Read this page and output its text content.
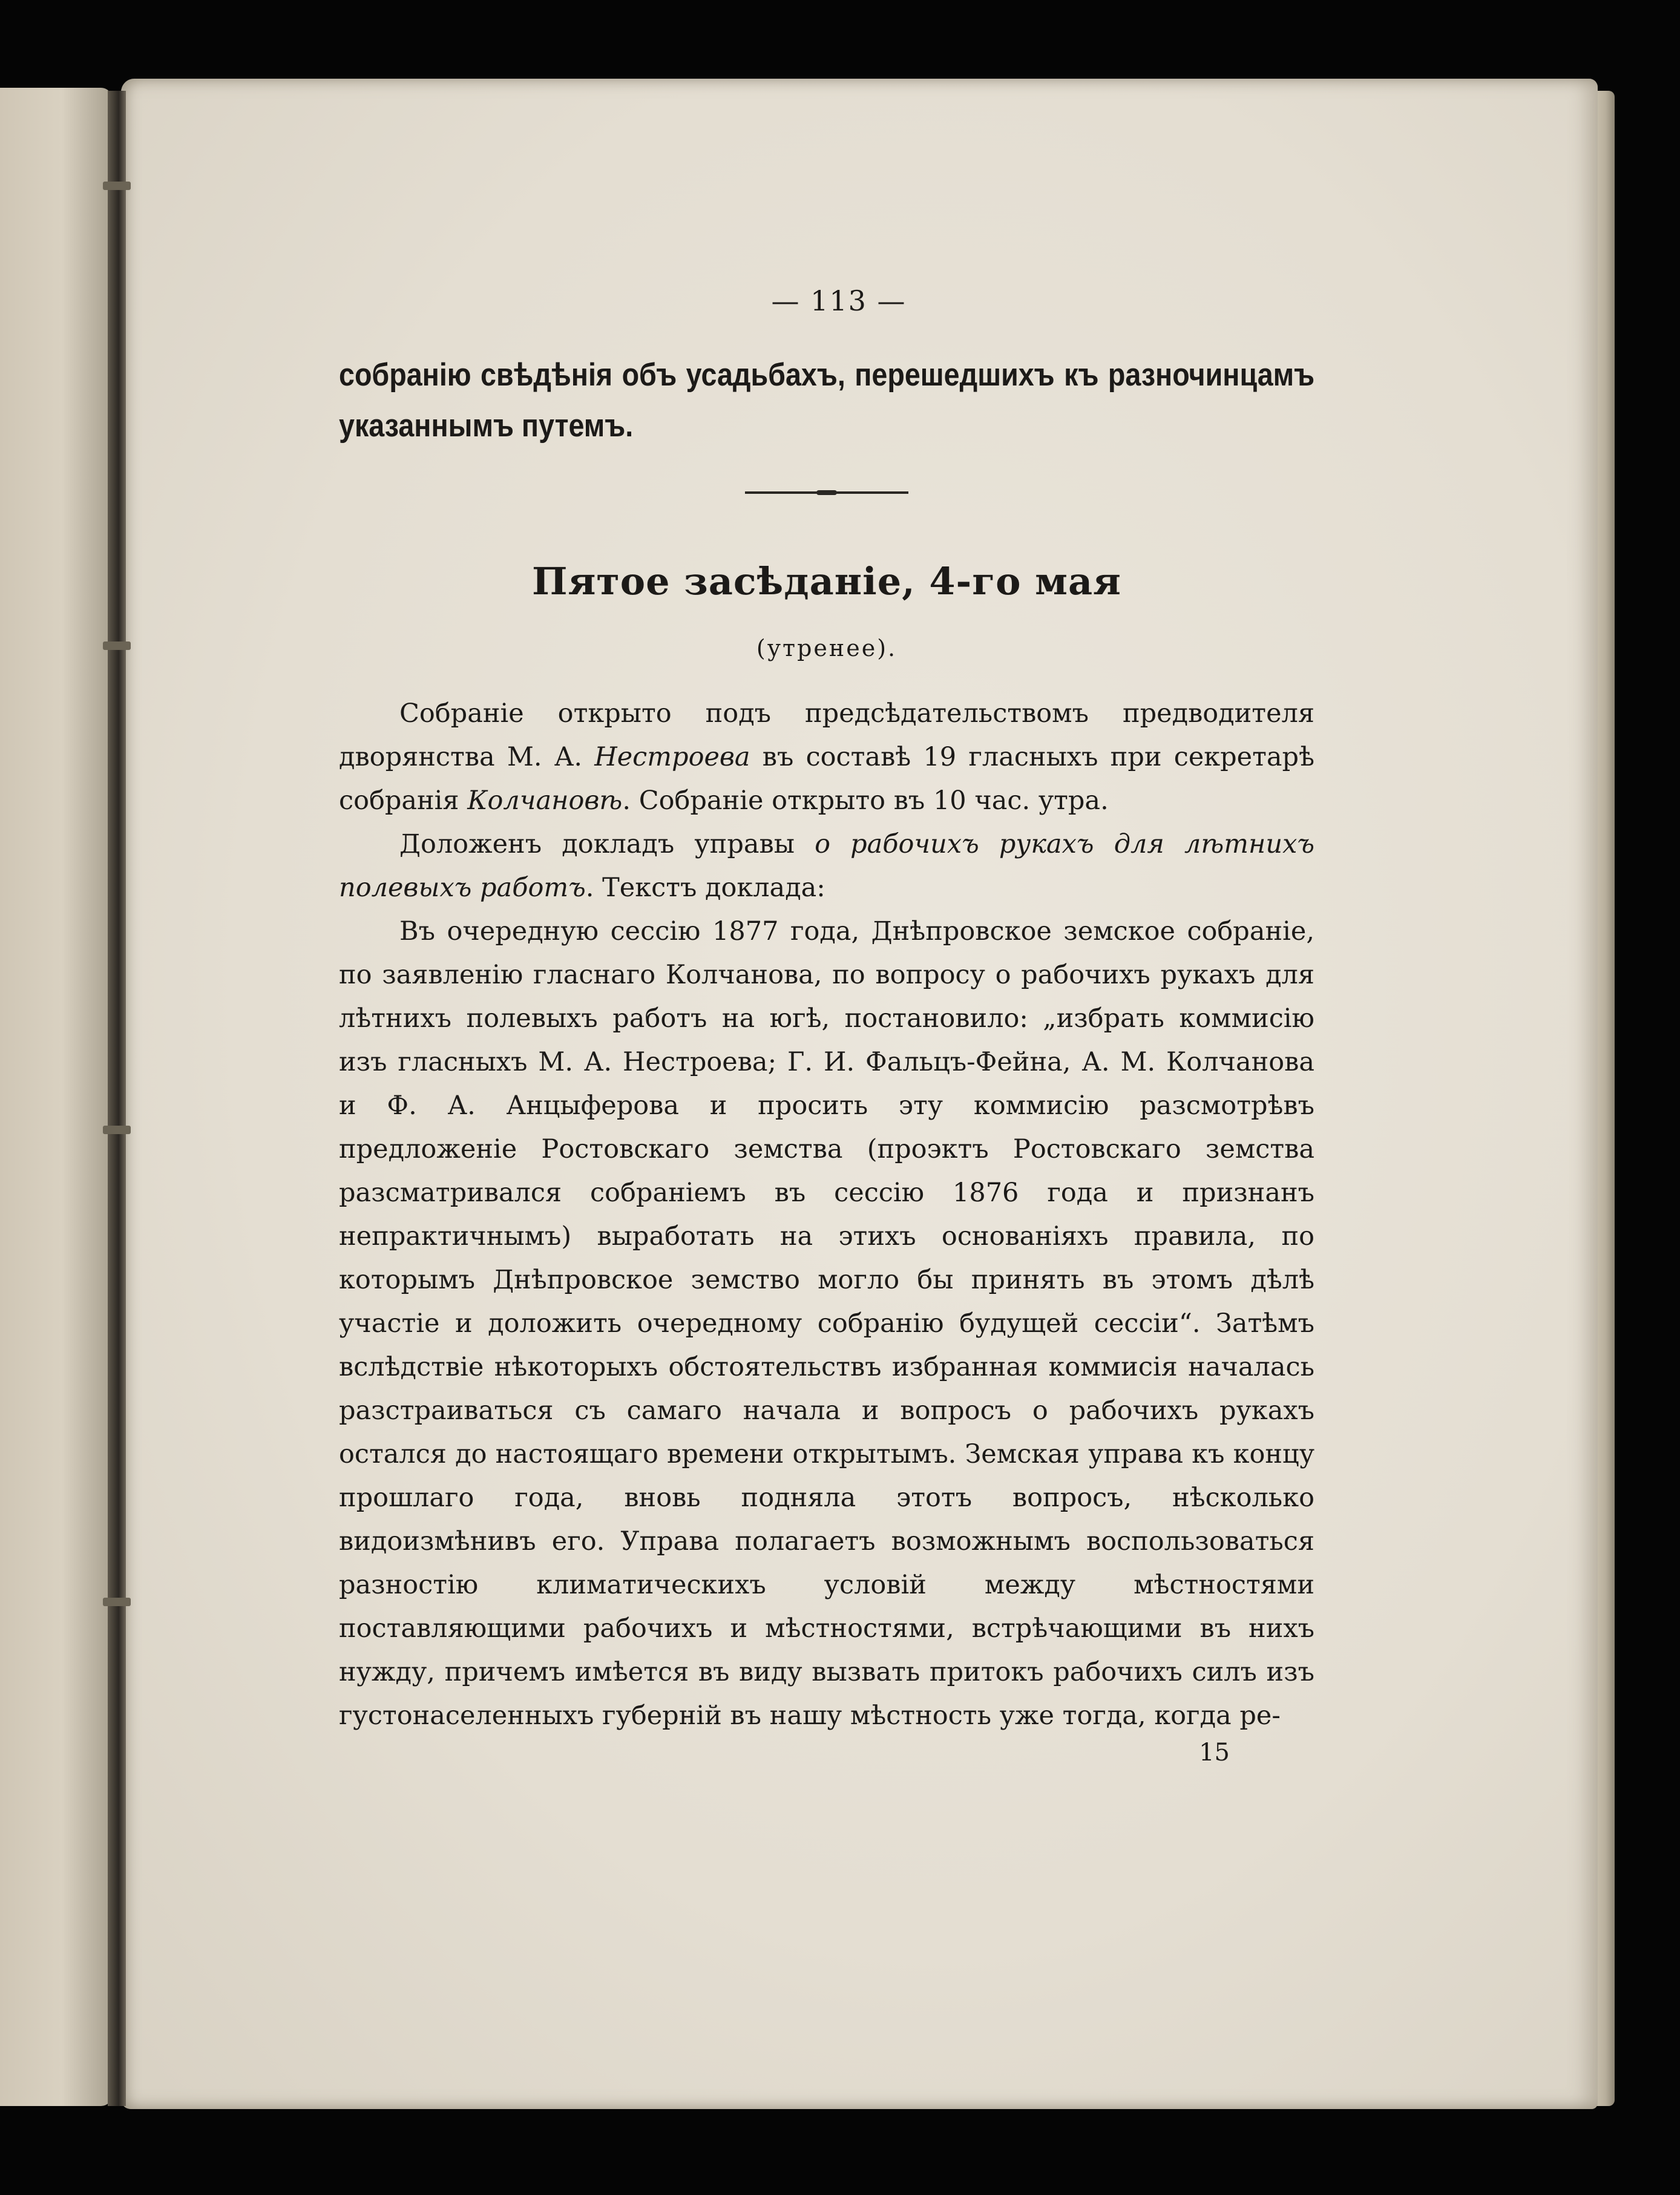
— 113 —

собранію свѣдѣнія объ усадьбахъ, перешедшихъ къ разночинцамъ указаннымъ путемъ.

Пятое засѣданіе, 4-го мая
(утренее).

Собраніе открыто подъ предсѣдательствомъ предводителя дворянства М. А. Нестроева въ составѣ 19 гласныхъ при секретарѣ собранія Колчановѣ. Собраніе открыто въ 10 час. утра.

Доложенъ докладъ управы о рабочихъ рукахъ для лѣтнихъ полевыхъ работъ. Текстъ доклада:

Въ очередную сессію 1877 года, Днѣпровское земское собраніе, по заявленію гласнаго Колчанова, по вопросу о рабочихъ рукахъ для лѣтнихъ полевыхъ работъ на югѣ, постановило: „избрать коммисію изъ гласныхъ М. А. Нестроева; Г. И. Фальцъ-Фейна, А. М. Колчанова и Ф. А. Анцыферова и просить эту коммисію разсмотрѣвъ предложеніе Ростовскаго земства (проэктъ Ростовскаго земства разсматривался собраніемъ въ сессію 1876 года и признанъ непрактичнымъ) выработать на этихъ основаніяхъ правила, по которымъ Днѣпровское земство могло бы принять въ этомъ дѣлѣ участіе и доложить очередному собранію будущей сессіи“. Затѣмъ вслѣдствіе нѣкоторыхъ обстоятельствъ избранная коммисія началась разстраиваться съ самаго начала и вопросъ о рабочихъ рукахъ остался до настоящаго времени открытымъ. Земская управа къ концу прошлаго года, вновь подняла этотъ вопросъ, нѣсколько видоизмѣнивъ его. Управа полагаетъ возможнымъ воспользоваться разностію климатическихъ условій между мѣстностями поставляющими рабочихъ и мѣстностями, встрѣчающими въ нихъ нужду, причемъ имѣется въ виду вызвать притокъ рабочихъ силъ изъ густонаселенныхъ губерній въ нашу мѣстность уже тогда, когда ре-

15
